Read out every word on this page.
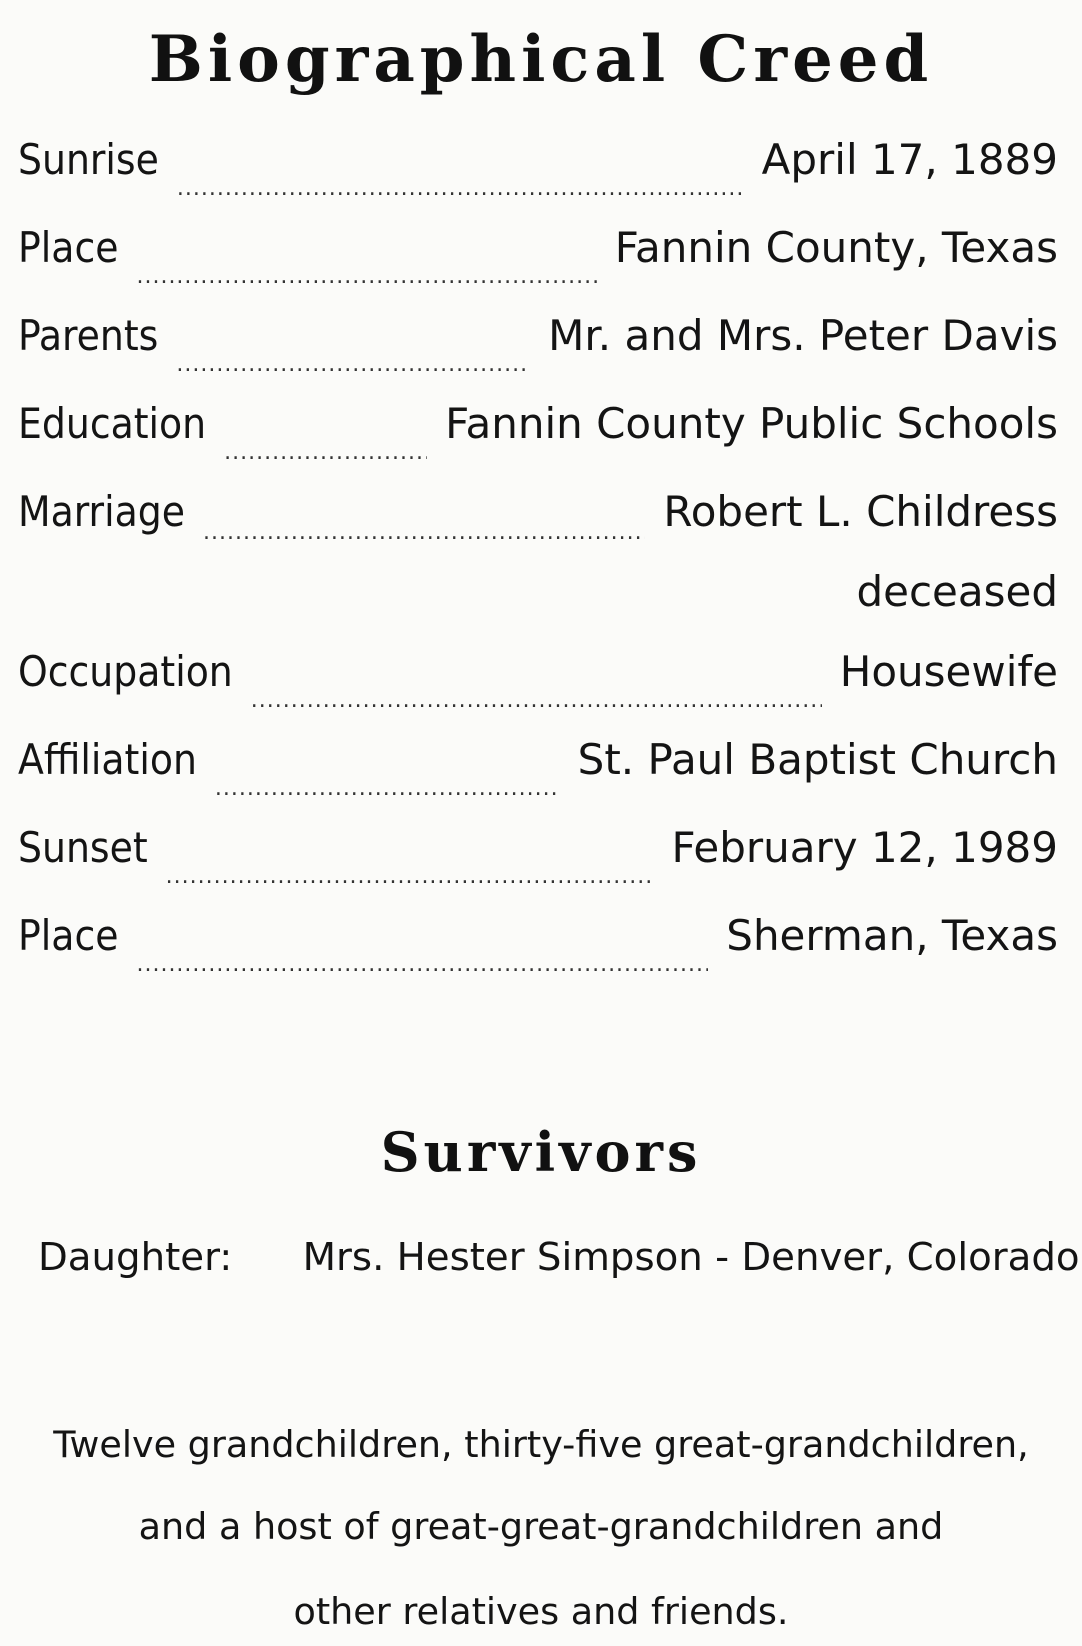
Biographical Creed
Sunrise
.....	April 17, 1889
Place
.....	Fannin County, Texas
Parents
.....	Mr. and Mrs. Peter Davis
Education
.....	Fannin County Public Schools
Marriage
.....	Robert L. Childress
deceased
Occupation
.....	Housewife
Affiliation
.....	St. Paul Baptist Church
Sunset
.....	February 12, 1989
Place
.....	Sherman, Texas
Survivors
Daughter: Mrs. Hester Simpson - Denver, Colorado
Twelve grandchildren, thirty-five great-grandchildren,
and a host of great-great-grandchildren and
other relatives and friends.
